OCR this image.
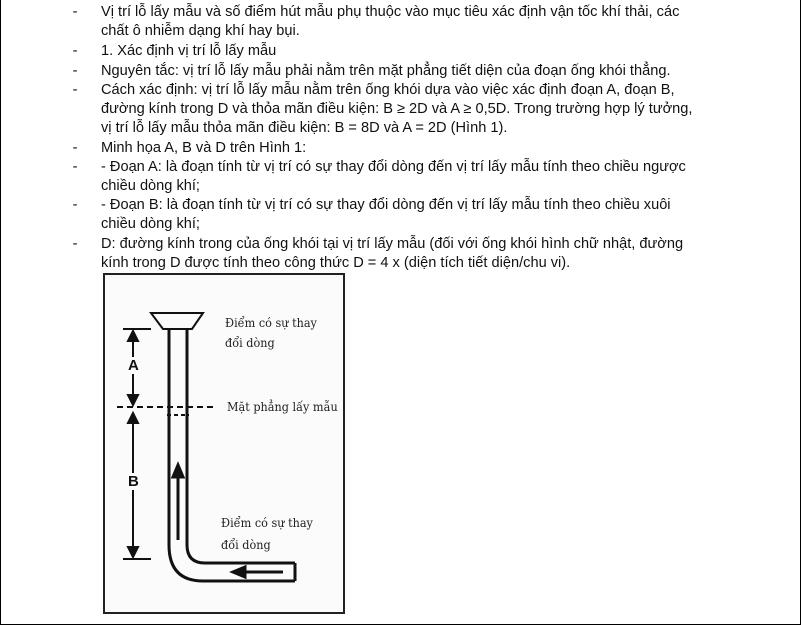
- Vị trí lỗ lấy mẫu và số điểm hút mẫu phụ thuộc vào mục tiêu xác định vận tốc khí thải, các
chất ô nhiễm dạng khí hay bụi.
- 1. Xác định vị trí lỗ lấy mẫu
- Nguyên tắc: vị trí lỗ lấy mẫu phải nằm trên mặt phẳng tiết diện của đoạn ống khói thẳng.
- Cách xác định: vị trí lỗ lấy mẫu nằm trên ống khói dựa vào việc xác định đoạn A, đoạn B,
đường kính trong D và thỏa mãn điều kiện: B ≥ 2D và A ≥ 0,5D. Trong trường hợp lý tưởng,
vị trí lỗ lấy mẫu thỏa mãn điều kiện: B = 8D và A = 2D (Hình 1).
- Minh họa A, B và D trên Hình 1:
- - Đoạn A: là đoạn tính từ vị trí có sự thay đổi dòng đến vị trí lấy mẫu tính theo chiều ngược
chiều dòng khí;
- - Đoạn B: là đoạn tính từ vị trí có sự thay đổi dòng đến vị trí lấy mẫu tính theo chiều xuôi
chiều dòng khí;
- D: đường kính trong của ống khói tại vị trí lấy mẫu (đối với ống khói hình chữ nhật, đường
kính trong D được tính theo công thức D = 4 x (diện tích tiết diện/chu vi).
A
B
Điểm có sự thay
đổi dòng
Mặt phẳng lấy mẫu
Điểm có sự thay
đổi dòng
